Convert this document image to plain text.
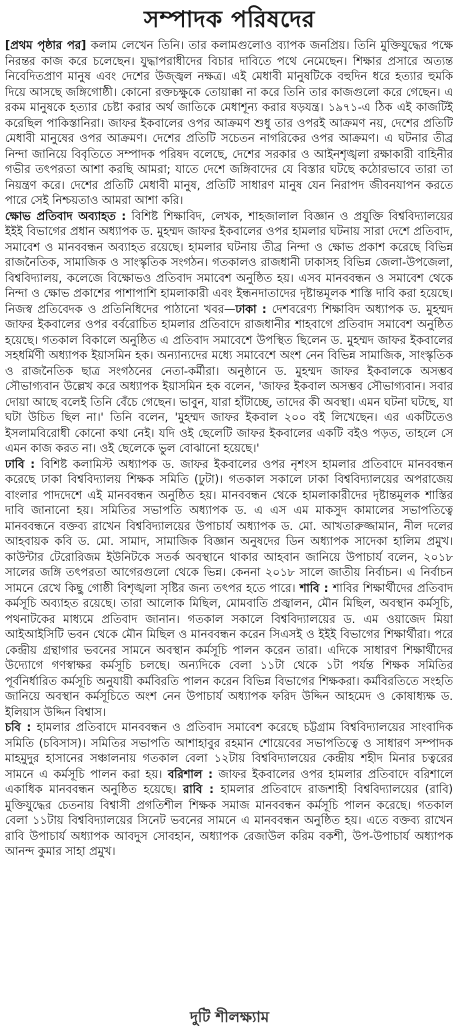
সম্পাদক পরিষদের

[প্রথম পৃষ্ঠার পর] কলাম লেখেন তিনি। তার কলামগুলোও ব্যাপক জনপ্রিয়। তিনি মুক্তিযুদ্ধের পক্ষে নিরন্তর কাজ করে চলেছেন। যুদ্ধাপরাধীদের বিচার দাবিতে পথে নেমেছেন। শিক্ষার প্রসারে অত্যন্ত নিবেদিতপ্রাণ মানুষ এবং দেশের উজ্জ্বল নক্ষত্র। এই মেধাবী মানুষটিকে বহুদিন ধরে হত্যার হুমকি দিয়ে আসছে জঙ্গিগোষ্ঠী। কোনো রক্তচক্ষুকে তোয়াক্কা না করে তিনি তার কাজগুলো করে গেছেন। এ রকম মানুষকে হত্যার চেষ্টা করার অর্থ জাতিকে মেধাশূন্য করার ষড়যন্ত্র। ১৯৭১-এ ঠিক এই কাজটিই করেছিল পাকিস্তানিরা। জাফর ইকবালের ওপর আক্রমণ শুধু তার ওপরই আক্রমণ নয়, দেশের প্রতিটি মেধাবী মানুষের ওপর আক্রমণ। দেশের প্রতিটি সচেতন নাগরিকের ওপর আক্রমণ। এ ঘটনার তীব্র নিন্দা জানিয়ে বিবৃতিতে সম্পাদক পরিষদ বলেছে, দেশের সরকার ও আইনশৃঙ্খলা রক্ষাকারী বাহিনীর গভীর তৎপরতা আশা করছি আমরা; যাতে দেশে জঙ্গিবাদের যে বিস্তার ঘটছে কঠোরভাবে তারা তা নিয়ন্ত্রণ করে। দেশের প্রতিটি মেধাবী মানুষ, প্রতিটি সাধারণ মানুষ যেন নিরাপদ জীবনযাপন করতে পারে সেই নিশ্চয়তাও আমরা আশা করি।

ক্ষোভ প্রতিবাদ অব্যাহত : বিশিষ্ট শিক্ষাবিদ, লেখক, শাহজালাল বিজ্ঞান ও প্রযুক্তি বিশ্ববিদ্যালয়ের ইইই বিভাগের প্রধান অধ্যাপক ড. মুহম্মদ জাফর ইকবালের ওপর হামলার ঘটনায় সারা দেশে প্রতিবাদ, সমাবেশ ও মানববন্ধন অব্যাহত রয়েছে। হামলার ঘটনায় তীব্র নিন্দা ও ক্ষোভ প্রকাশ করেছে বিভিন্ন রাজনৈতিক, সামাজিক ও সাংস্কৃতিক সংগঠন। গতকালও রাজধানী ঢাকাসহ বিভিন্ন জেলা-উপজেলা, বিশ্ববিদ্যালয়, কলেজে বিক্ষোভও প্রতিবাদ সমাবেশ অনুষ্ঠিত হয়। এসব মানববন্ধন ও সমাবেশ থেকে নিন্দা ও ক্ষোভ প্রকাশের পাশাপাশি হামলাকারী এবং ইন্ধনদাতাদের দৃষ্টান্তমূলক শাস্তি দাবি করা হয়েছে। নিজস্ব প্রতিবেদক ও প্রতিনিধিদের পাঠানো খবর—ঢাকা : দেশবরেণ্য শিক্ষাবিদ অধ্যাপক ড. মুহম্মদ জাফর ইকবালের ওপর বর্বরোচিত হামলার প্রতিবাদে রাজধানীর শাহবাগে প্রতিবাদ সমাবেশ অনুষ্ঠিত হয়েছে। গতকাল বিকালে অনুষ্ঠিত এ প্রতিবাদ সমাবেশে উপস্থিত ছিলেন ড. মুহম্মদ জাফর ইকবালের সহধর্মিণী অধ্যাপক ইয়াসমিন হক। অন্যান্যদের মধ্যে সমাবেশে অংশ নেন বিভিন্ন সামাজিক, সাংস্কৃতিক ও রাজনৈতিক ছাত্র সংগঠনের নেতা-কর্মীরা। অনুষ্ঠানে ড. মুহম্মদ জাফর ইকবালকে অসম্ভব সৌভাগ্যবান উল্লেখ করে অধ্যাপক ইয়াসমিন হক বলেন, 'জাফর ইকবাল অসম্ভব সৌভাগ্যবান। সবার দোয়া আছে বলেই তিনি বেঁচে গেছেন। ভাবুন, যারা হাঁটাচ্ছে, তাদের কী অবস্থা। এমন ঘটনা ঘটছে, যা ঘটা উচিত ছিল না।' তিনি বলেন, 'মুহম্মদ জাফর ইকবাল ২০০ বই লিখেছেন। এর একটিতেও ইসলামবিরোধী কোনো কথা নেই। যদি ওই ছেলেটি জাফর ইকবালের একটি বইও পড়ত, তাহলে সে এমন কাজ করত না। ওই ছেলেকে ভুল বোঝানো হয়েছে।'

ঢাবি : বিশিষ্ট কলামিস্ট অধ্যাপক ড. জাফর ইকবালের ওপর নৃশংস হামলার প্রতিবাদে মানববন্ধন করেছে ঢাকা বিশ্ববিদ্যালয় শিক্ষক সমিতি (ঢুটা)। গতকাল সকালে ঢাকা বিশ্ববিদ্যালয়ের অপরাজেয় বাংলার পাদদেশে এই মানববন্ধন অনুষ্ঠিত হয়। মানববন্ধন থেকে হামলাকারীদের দৃষ্টান্তমূলক শাস্তির দাবি জানানো হয়। সমিতির সভাপতি অধ্যাপক ড. এ এস এম মাকসুদ কামালের সভাপতিত্বে মানববন্ধনে বক্তব্য রাখেন বিশ্ববিদ্যালয়ের উপাচার্য অধ্যাপক ড. মো. আখতারুজ্জামান, নীল দলের আহবায়ক কবি ড. মো. সামাদ, সামাজিক বিজ্ঞান অনুষদের ডিন অধ্যাপক সাদেকা হালিম প্রমুখ। কাউন্টার টেরোরিজম ইউনিটকে সতর্ক অবস্থানে থাকার আহবান জানিয়ে উপাচার্য বলেন, ২০১৮ সালের জঙ্গি তৎপরতা আগেরগুলো থেকে ভিন্ন। কেননা ২০১৮ সালে জাতীয় নির্বাচন। এ নির্বাচন সামনে রেখে কিছু গোষ্ঠী বিশৃঙ্খলা সৃষ্টির জন্য তৎপর হতে পারে। শাবি : শাবির শিক্ষার্থীদের প্রতিবাদ কর্মসূচি অব্যাহত রয়েছে। তারা আলোক মিছিল, মোমবাতি প্রজ্বালন, মৌন মিছিল, অবস্থান কর্মসূচি, পথনাটকের মাধ্যমে প্রতিবাদ জানান। গতকাল সকালে বিশ্ববিদ্যালয়ের ড. এম ওয়াজেদ মিয়া আইআইসিটি ভবন থেকে মৌন মিছিল ও মানববন্ধন করেন সিএসই ও ইইই বিভাগের শিক্ষার্থীরা। পরে কেন্দ্রীয় গ্রন্থাগার ভবনের সামনে অবস্থান কর্মসূচি পালন করেন তারা। এদিকে সাধারণ শিক্ষার্থীদের উদ্যোগে গণস্বাক্ষর কর্মসূচি চলছে। অন্যদিকে বেলা ১১টা থেকে ১টা পর্যন্ত শিক্ষক সমিতির পূর্বনির্ধারিত কর্মসূচি অনুযায়ী কর্মবিরতি পালন করেন বিভিন্ন বিভাগের শিক্ষকরা। কর্মবিরতিতে সংহতি জানিয়ে অবস্থান কর্মসূচিতে অংশ নেন উপাচার্য অধ্যাপক ফরিদ উদ্দিন আহমেদ ও কোষাধ্যক্ষ ড. ইলিয়াস উদ্দিন বিশ্বাস।

চবি : হামলার প্রতিবাদে মানববন্ধন ও প্রতিবাদ সমাবেশ করেছে চট্টগ্রাম বিশ্ববিদ্যালয়ের সাংবাদিক সমিতি (চবিসাস)। সমিতির সভাপতি আশাহাবুর রহমান শোয়েবের সভাপতিত্বে ও সাধারণ সম্পাদক মাহমুদুর হাসানের সঞ্চালনায় গতকাল বেলা ১২টায় বিশ্ববিদ্যালয়ের কেন্দ্রীয় শহীদ মিনার চত্বরের সামনে এ কর্মসূচি পালন করা হয়। বরিশাল : জাফর ইকবালের ওপর হামলার প্রতিবাদে বরিশালে একাধিক মানববন্ধন অনুষ্ঠিত হয়েছে। রাবি : হামলার প্রতিবাদে রাজশাহী বিশ্ববিদ্যালয়ের (রাবি) মুক্তিযুদ্ধের চেতনায় বিশ্বাসী প্রগতিশীল শিক্ষক সমাজ মানববন্ধন কর্মসূচি পালন করেছে। গতকাল বেলা ১১টায় বিশ্ববিদ্যালয়ের সিনেট ভবনের সামনে এ মানববন্ধন অনুষ্ঠিত হয়। এতে বক্তব্য রাখেন রাবি উপাচার্য অধ্যাপক আবদুস সোবহান, অধ্যাপক রেজাউল করিম বকশী, উপ-উপাচার্য অধ্যাপক আনন্দ কুমার সাহা প্রমুখ।

দুটি শীলক্ষ্যাম
